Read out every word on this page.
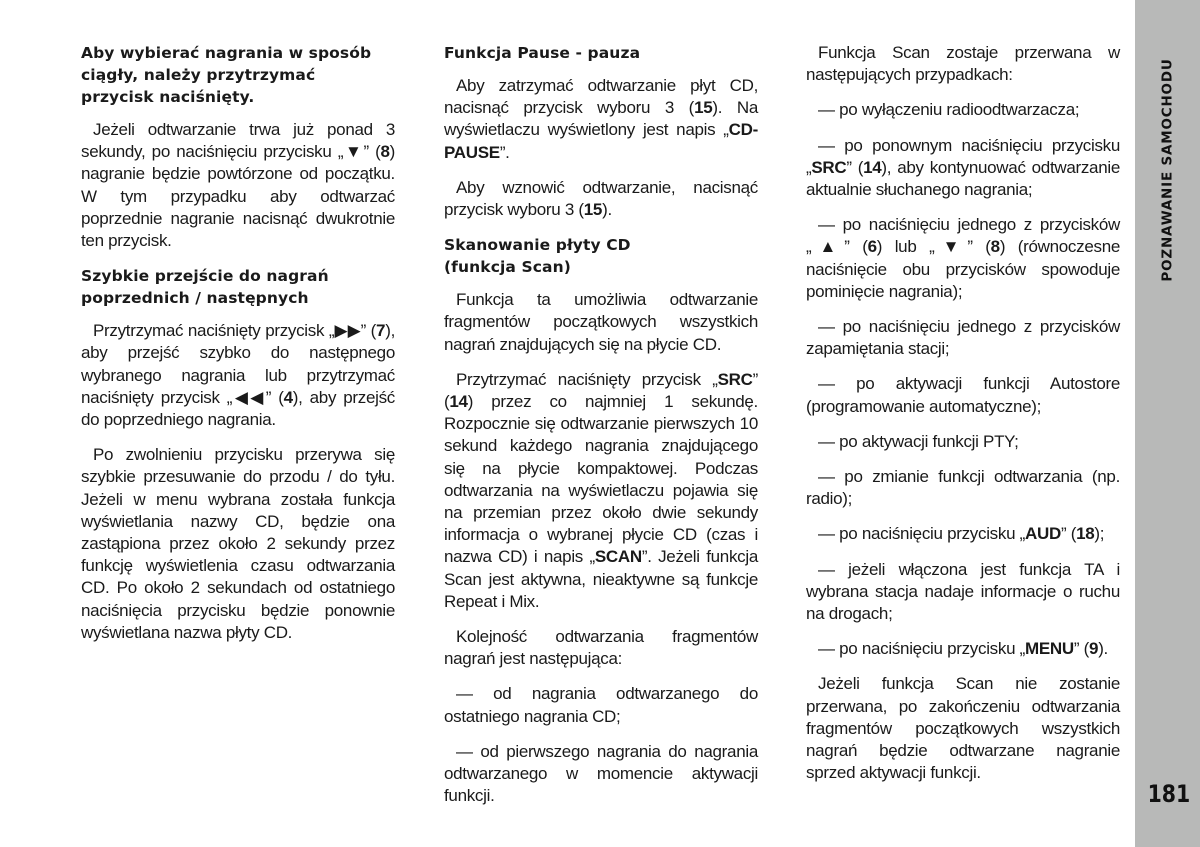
Aby wybierać nagrania w sposób
ciągły, należy przytrzymać
przycisk naciśnięty.

Jeżeli odtwarzanie trwa już ponad 3 sekundy, po naciśnięciu przycisku „▼” (8) nagranie będzie powtórzone od początku. W tym przypadku aby odtwarzać poprzednie nagranie nacisnąć dwukrotnie ten przycisk.

Szybkie przejście do nagrań
poprzednich / następnych

Przytrzymać naciśnięty przycisk „▶▶” (7), aby przejść szybko do następnego wybranego nagrania lub przytrzymać naciśnięty przycisk „◀◀” (4), aby przejść do poprzedniego nagrania.

Po zwolnieniu przycisku przerywa się szybkie przesuwanie do przodu / do tyłu. Jeżeli w menu wybrana została funkcja wyświetlania nazwy CD, będzie ona zastąpiona przez około 2 sekundy przez funkcję wyświetlenia czasu odtwarzania CD. Po około 2 sekundach od ostatniego naciśnięcia przycisku będzie ponownie wyświetlana nazwa płyty CD.

Funkcja Pause - pauza

Aby zatrzymać odtwarzanie płyt CD, nacisnąć przycisk wyboru 3 (15). Na wyświetlaczu wyświetlony jest napis „CD-PAUSE”.

Aby wznowić odtwarzanie, nacisnąć przycisk wyboru 3 (15).

Skanowanie płyty CD
(funkcja Scan)

Funkcja ta umożliwia odtwarzanie fragmentów początkowych wszystkich nagrań znajdujących się na płycie CD.

Przytrzymać naciśnięty przycisk „SRC” (14) przez co najmniej 1 sekundę. Rozpocznie się odtwarzanie pierwszych 10 sekund każdego nagrania znajdującego się na płycie kompaktowej. Podczas odtwarzania na wyświetlaczu pojawia się na przemian przez około dwie sekundy informacja o wybranej płycie CD (czas i nazwa CD) i napis „SCAN”. Jeżeli funkcja Scan jest aktywna, nieaktywne są funkcje Repeat i Mix.

Kolejność odtwarzania fragmentów nagrań jest następująca:

— od nagrania odtwarzanego do ostatniego nagrania CD;

— od pierwszego nagrania do nagrania odtwarzanego w momencie aktywacji funkcji.

Funkcja Scan zostaje przerwana w następujących przypadkach:

— po wyłączeniu radioodtwarzacza;

— po ponownym naciśnięciu przycisku „SRC” (14), aby kontynuować odtwarzanie aktualnie słuchanego nagrania;

— po naciśnięciu jednego z przycisków „▲” (6) lub „▼” (8) (równoczesne naciśnięcie obu przycisków spowoduje pominięcie nagrania);

— po naciśnięciu jednego z przycisków zapamiętania stacji;

— po aktywacji funkcji Autostore (programowanie automatyczne);

— po aktywacji funkcji PTY;

— po zmianie funkcji odtwarzania (np. radio);

— po naciśnięciu przycisku „AUD” (18);

— jeżeli włączona jest funkcja TA i wybrana stacja nadaje informacje o ruchu na drogach;

— po naciśnięciu przycisku „MENU” (9).

Jeżeli funkcja Scan nie zostanie przerwana, po zakończeniu odtwarzania fragmentów początkowych wszystkich nagrań będzie odtwarzane nagranie sprzed aktywacji funkcji.

POZNAWANIE SAMOCHODU
181
